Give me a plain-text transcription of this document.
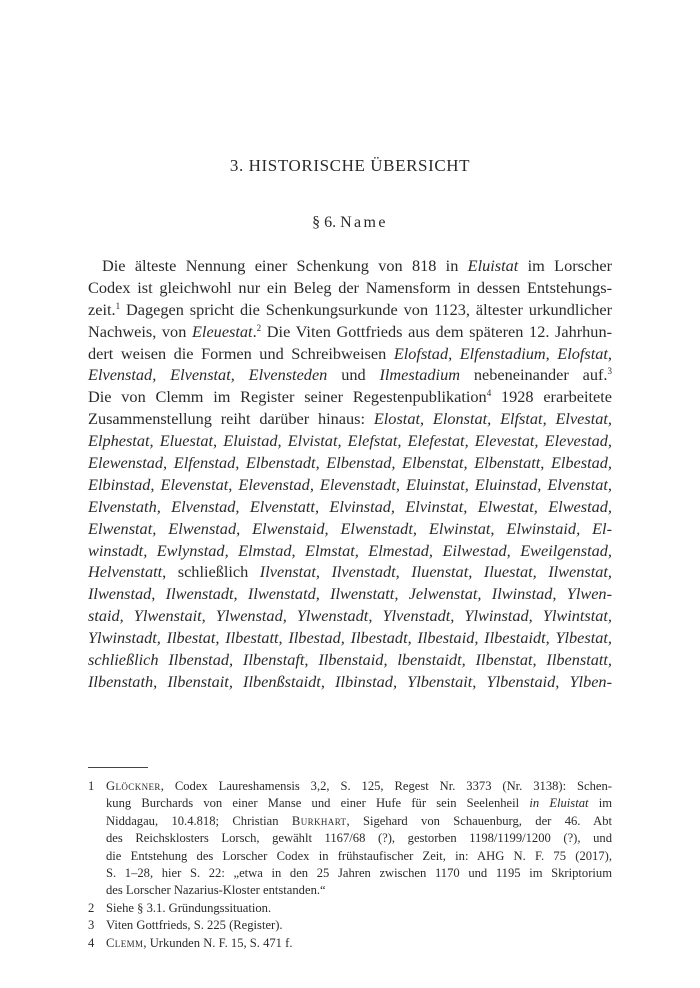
3. HISTORISCHE ÜBERSICHT
§ 6. Name
Die älteste Nennung einer Schenkung von 818 in Eluistat im Lorscher
Codex ist gleichwohl nur ein Beleg der Namensform in dessen Entstehungs-
zeit.$^1$ Dagegen spricht die Schenkungsurkunde von 1123, ältester urkundlicher
Nachweis, von Eleuestat.$^2$ Die Viten Gottfrieds aus dem späteren 12. Jahrhun-
dert weisen die Formen und Schreibweisen Elofstad, Elfenstadium, Elofstat,
Elvenstad, Elvenstat, Elvensteden und Ilmestadium nebeneinander auf.$^3$
Die von Clemm im Register seiner Regestenpublikation$^4$ 1928 erarbeitete
Zusammenstellung reiht darüber hinaus: Elostat, Elonstat, Elfstat, Elvestat,
Elphestat, Eluestat, Eluistad, Elvistat, Elefstat, Elefestat, Elevestat, Elevestad,
Elewenstad, Elfenstad, Elbenstadt, Elbenstad, Elbenstat, Elbenstatt, Elbestad,
Elbinstad, Elevenstat, Elevenstad, Elevenstadt, Eluinstat, Eluinstad, Elvenstat,
Elvenstath, Elvenstad, Elvenstatt, Elvinstad, Elvinstat, Elwestat, Elwestad,
Elwenstat, Elwenstad, Elwenstaid, Elwenstadt, Elwinstat, Elwinstaid, El-
winstadt, Ewlynstad, Elmstad, Elmstat, Elmestad, Eilwestad, Eweilgenstad,
Helvenstatt, schließlich Ilvenstat, Ilvenstadt, Iluenstat, Iluestat, Ilwenstat,
Ilwenstad, Ilwenstadt, Ilwenstatd, Ilwenstatt, Jelwenstat, Ilwinstad, Ylwen-
staid, Ylwenstait, Ylwenstad, Ylwenstadt, Ylvenstadt, Ylwinstad, Ylwintstat,
Ylwinstadt, Ilbestat, Ilbestatt, Ilbestad, Ilbestadt, Ilbestaid, Ilbestaidt, Ylbestat,
schließlich Ilbenstad, Ilbenstaft, Ilbenstaid, lbenstaidt, Ilbenstat, Ilbenstatt,
Ilbenstath, Ilbenstait, Ilbenßstaidt, Ilbinstad, Ylbenstait, Ylbenstaid, Ylben-
1 Glöckner, Codex Laureshamensis 3,2, S. 125, Regest Nr. 3373 (Nr. 3138): Schen-
kung Burchards von einer Manse und einer Hufe für sein Seelenheil in Eluistat im
Niddagau, 10.4.818; Christian Burkhart, Sigehard von Schauenburg, der 46. Abt
des Reichsklosters Lorsch, gewählt 1167/68 (?), gestorben 1198/1199/1200 (?), und
die Entstehung des Lorscher Codex in frühstaufischer Zeit, in: AHG N. F. 75 (2017),
S. 1–28, hier S. 22: „etwa in den 25 Jahren zwischen 1170 und 1195 im Skriptorium
des Lorscher Nazarius-Kloster entstanden.“
2 Siehe § 3.1. Gründungssituation.
3 Viten Gottfrieds, S. 225 (Register).
4 Clemm, Urkunden N. F. 15, S. 471 f.
